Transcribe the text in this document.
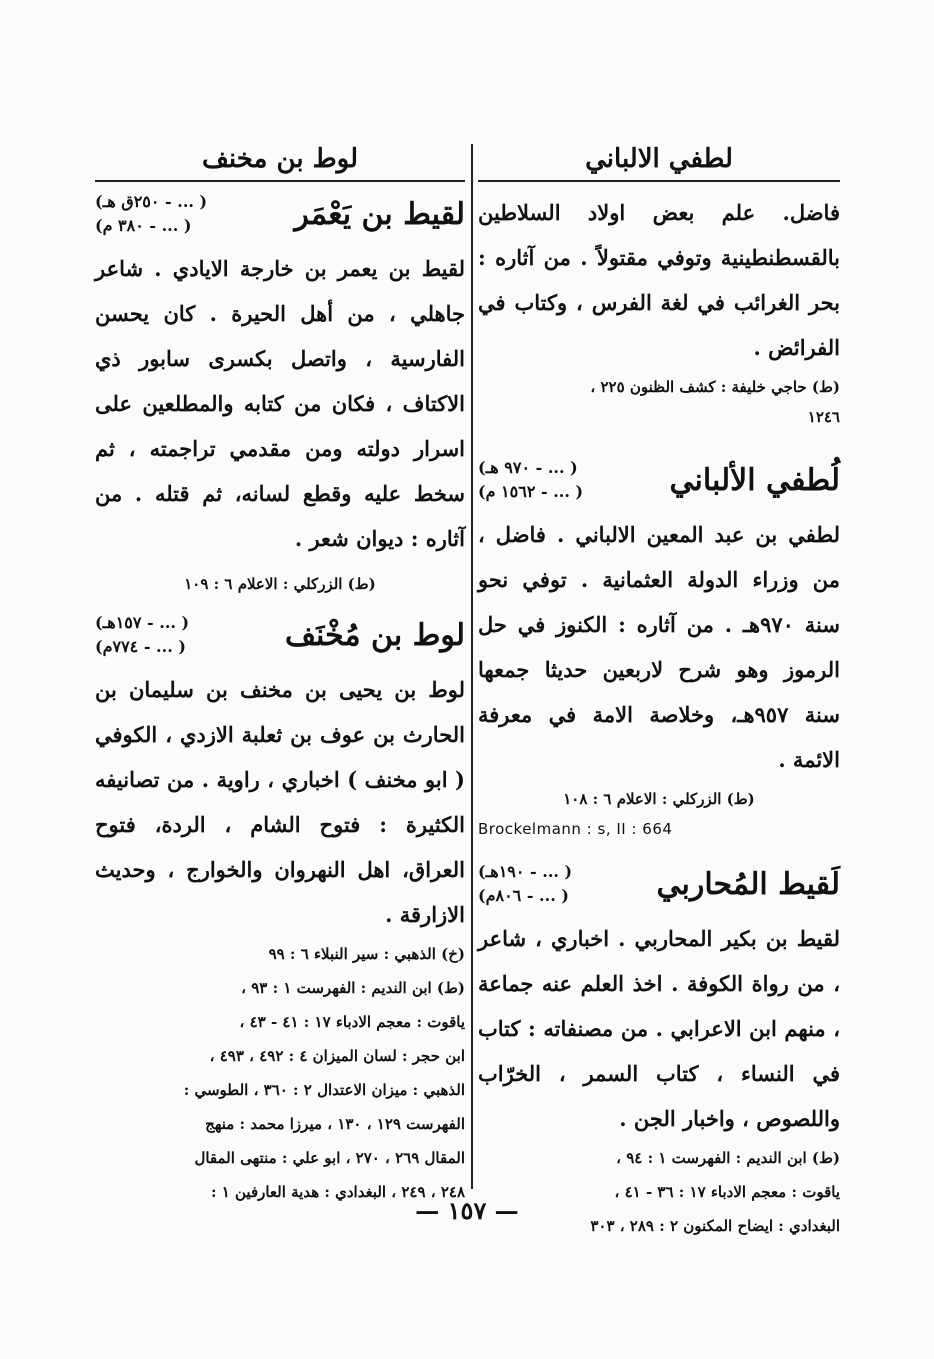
لطفي الالباني

فاضل. علم بعض اولاد السلاطين بالقسطنطينية وتوفي مقتولاً . من آثاره : بحر الغرائب في لغة الفرس ، وكتاب في الفرائض .

(ط) حاجي خليفة : كشف الظنون ٢٢٥ ،

١٢٤٦

لُطفي الألباني
( ... - ٩٧٠ هـ)
( ... - ١٥٦٢ م)

لطفي بن عبد المعين الالباني . فاضل ، من وزراء الدولة العثمانية . توفي نحو سنة ٩٧٠هـ . من آثاره : الكنوز في حل الرموز وهو شرح لاربعين حديثا جمعها سنة ٩٥٧هـ، وخلاصة الامة في معرفة الائمة .

(ط) الزركلي : الاعلام ٦ : ١٠٨

Brockelmann : s, II : 664

لَقيط المُحاربي
( ... - ١٩٠هـ)
( ... - ٨٠٦م)

لقيط بن بكير المحاربي . اخباري ، شاعر ، من رواة الكوفة . اخذ العلم عنه جماعة ، منهم ابن الاعرابي . من مصنفاته : كتاب في النساء ، كتاب السمر ، الخرّاب واللصوص ، واخبار الجن .

(ط) ابن النديم : الفهرست ١ : ٩٤ ،

ياقوت : معجم الادباء ١٧ : ٣٦ - ٤١ ،

البغدادي : ايضاح المكنون ٢ : ٢٨٩ ، ٣٠٣

لوط بن مخنف
لقيط بن يَعْمَر
( ... - ٢٥٠ق هـ)
( ... - ٣٨٠ م)

لقيط بن يعمر بن خارجة الايادي . شاعر جاهلي ، من أهل الحيرة . كان يحسن الفارسية ، واتصل بكسرى سابور ذي الاكتاف ، فكان من كتابه والمطلعين على اسرار دولته ومن مقدمي تراجمته ، ثم سخط عليه وقطع لسانه، ثم قتله . من آثاره : ديوان شعر .

(ط) الزركلي : الاعلام ٦ : ١٠٩

لوط بن مُخْنَف
( ... - ١٥٧هـ)
( ... - ٧٧٤م)

لوط بن يحيى بن مخنف بن سليمان بن الحارث بن عوف بن ثعلبة الازدي ، الكوفي ( ابو مخنف ) اخباري ، راوية . من تصانيفه الكثيرة : فتوح الشام ، الردة، فتوح العراق، اهل النهروان والخوارج ، وحديث الازارقة .

(خ) الذهبي : سير النبلاء ٦ : ٩٩

(ط) ابن النديم : الفهرست ١ : ٩٣ ،

ياقوت : معجم الادباء ١٧ : ٤١ - ٤٣ ،

ابن حجر : لسان الميزان ٤ : ٤٩٢ ، ٤٩٣ ،

الذهبي : ميزان الاعتدال ٢ : ٣٦٠ ، الطوسي :

الفهرست ١٢٩ ، ١٣٠ ، ميرزا محمد : منهج

المقال ٢٦٩ ، ٢٧٠ ، ابو علي : منتهى المقال

٢٤٨ ، ٢٤٩ ، البغدادي : هدية العارفين ١ :

— ١٥٧ —
